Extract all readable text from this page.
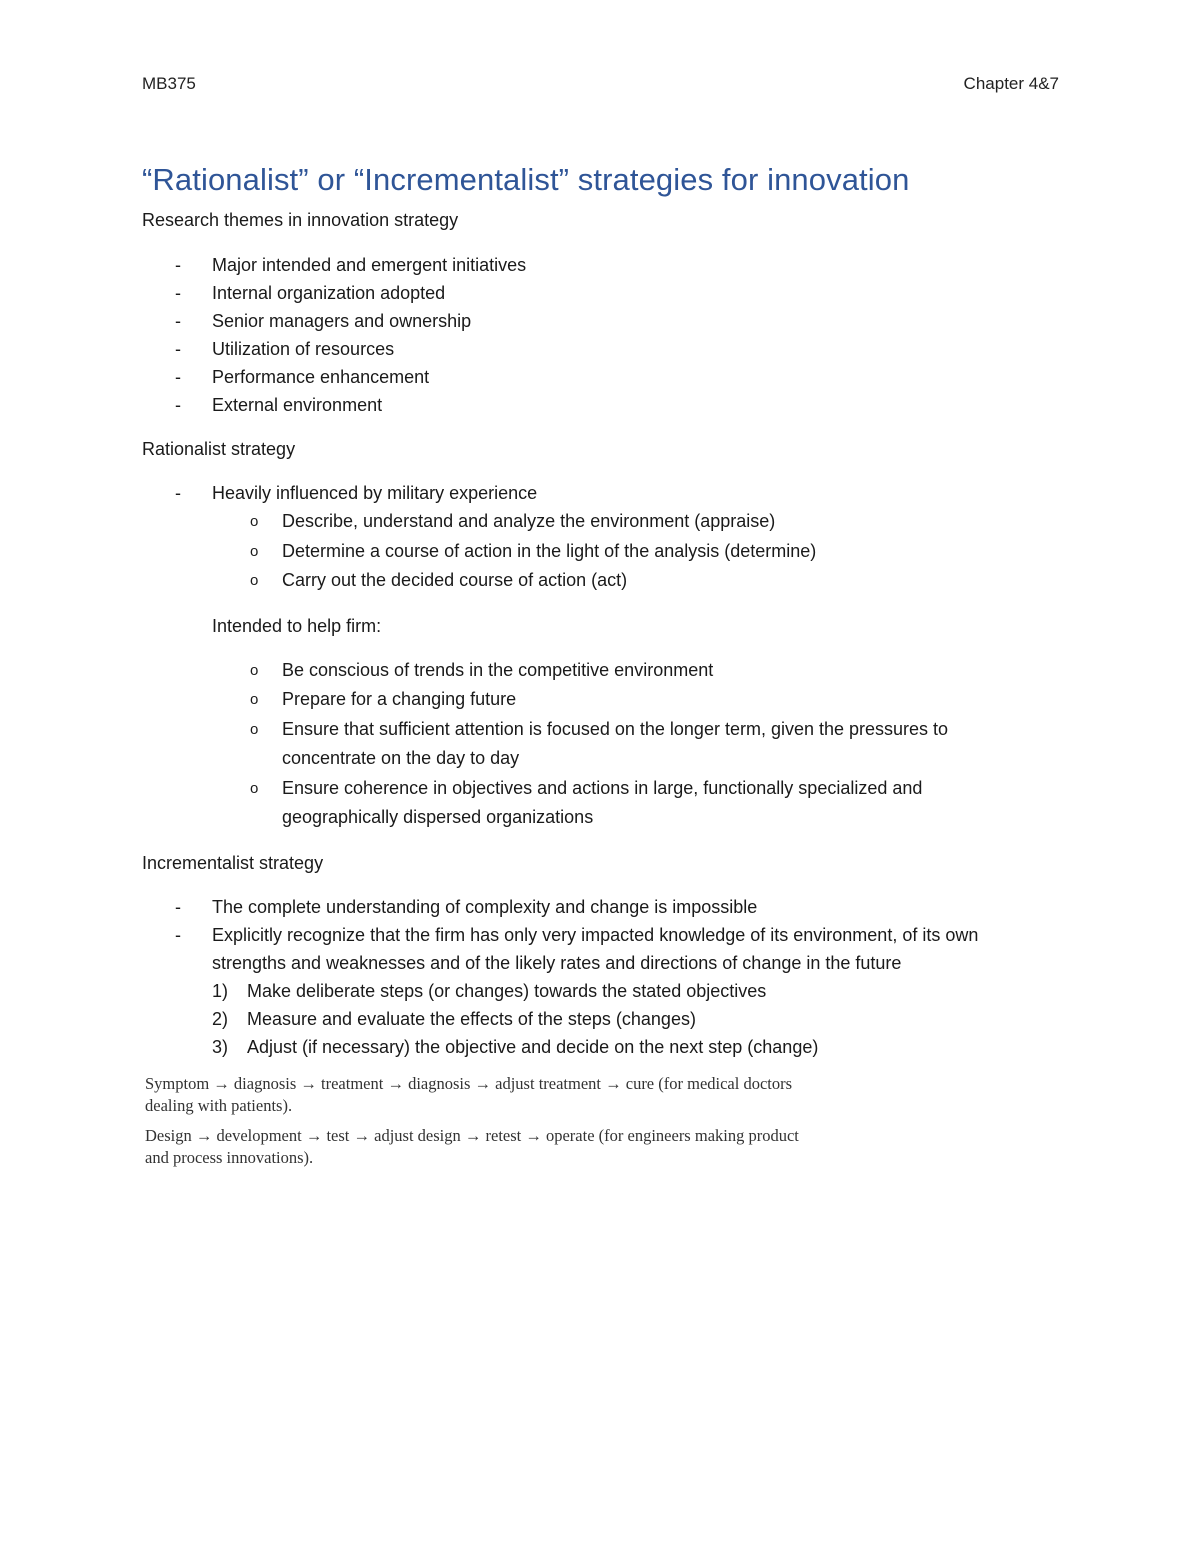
MB375	Chapter 4&7
“Rationalist” or “Incrementalist” strategies for innovation

Research themes in innovation strategy

- Major intended and emergent initiatives
- Internal organization adopted
- Senior managers and ownership
- Utilization of resources
- Performance enhancement
- External environment

Rationalist strategy

- Heavily influenced by military experience
o Describe, understand and analyze the environment (appraise)
o Determine a course of action in the light of the analysis (determine)
o Carry out the decided course of action (act)

Intended to help firm:

o Be conscious of trends in the competitive environment
o Prepare for a changing future
o Ensure that sufficient attention is focused on the longer term, given the pressures to concentrate on the day to day
o Ensure coherence in objectives and actions in large, functionally specialized and geographically dispersed organizations

Incrementalist strategy

- The complete understanding of complexity and change is impossible
- Explicitly recognize that the firm has only very impacted knowledge of its environment, of its own strengths and weaknesses and of the likely rates and directions of change in the future
1) Make deliberate steps (or changes) towards the stated objectives
2) Measure and evaluate the effects of the steps (changes)
3) Adjust (if necessary) the objective and decide on the next step (change)

Symptom → diagnosis → treatment → diagnosis → adjust treatment → cure (for medical doctors dealing with patients).

Design → development → test → adjust design → retest → operate (for engineers making product and process innovations).
